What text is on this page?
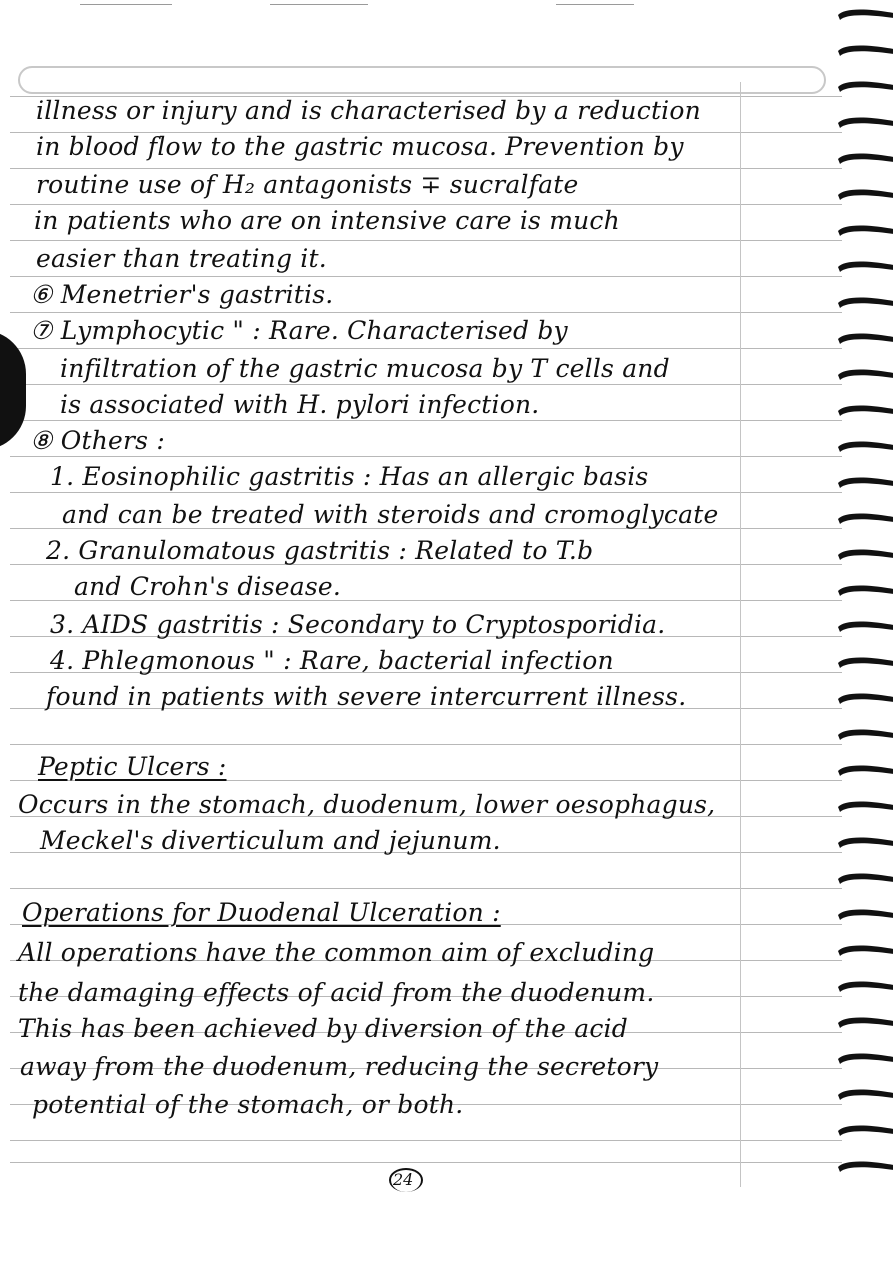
illness or injury and is characterised by a reduction
in blood flow to the gastric mucosa. Prevention by
routine use of H₂ antagonists ∓ sucralfate
in patients who are on intensive care is much
easier than treating it.
⑥ Menetrier's gastritis.
⑦ Lymphocytic " : Rare. Characterised by
infiltration of the gastric mucosa by T cells and
is associated with H. pylori infection.
⑧ Others :
1. Eosinophilic gastritis : Has an allergic basis
and can be treated with steroids and cromoglycate
2. Granulomatous gastritis : Related to T.b
and Crohn's disease.
3. AIDS gastritis : Secondary to Cryptosporidia.
4. Phlegmonous " : Rare, bacterial infection
found in patients with severe intercurrent illness.
Peptic Ulcers :
Occurs in the stomach, duodenum, lower oesophagus,
Meckel's diverticulum and jejunum.
Operations for Duodenal Ulceration :
All operations have the common aim of excluding
the damaging effects of acid from the duodenum.
This has been achieved by diversion of the acid
away from the duodenum, reducing the secretory
potential of the stomach, or both.
24
